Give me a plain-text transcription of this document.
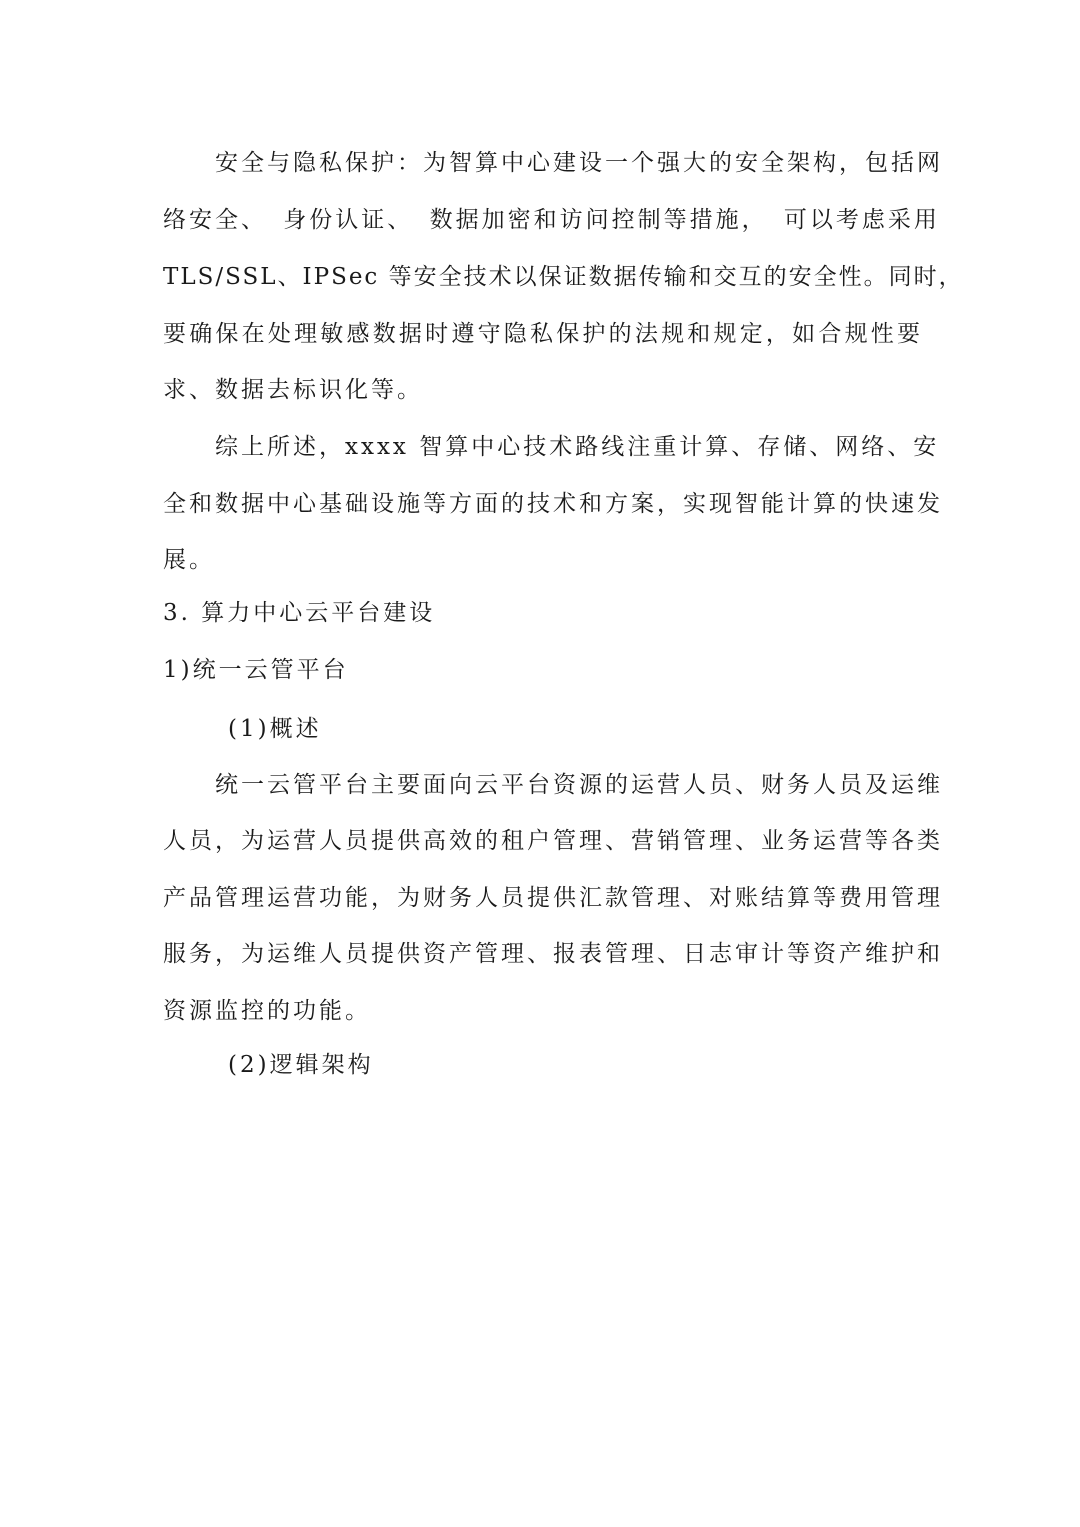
安全与隐私保护：为智算中心建设一个强大的安全架构，包括网
络安全、 身份认证、 数据加密和访问控制等措施， 可以考虑采用
TLS/SSL、IPSec 等安全技术以保证数据传输和交互的安全性。同时，
要确保在处理敏感数据时遵守隐私保护的法规和规定，如合规性要
求、数据去标识化等。
综上所述，xxxx 智算中心技术路线注重计算、存储、网络、安
全和数据中心基础设施等方面的技术和方案，实现智能计算的快速发
展。
3. 算力中心云平台建设
1)统一云管平台
(1)概述
统一云管平台主要面向云平台资源的运营人员、财务人员及运维
人员，为运营人员提供高效的租户管理、营销管理、业务运营等各类
产品管理运营功能，为财务人员提供汇款管理、对账结算等费用管理
服务，为运维人员提供资产管理、报表管理、日志审计等资产维护和
资源监控的功能。
(2)逻辑架构
